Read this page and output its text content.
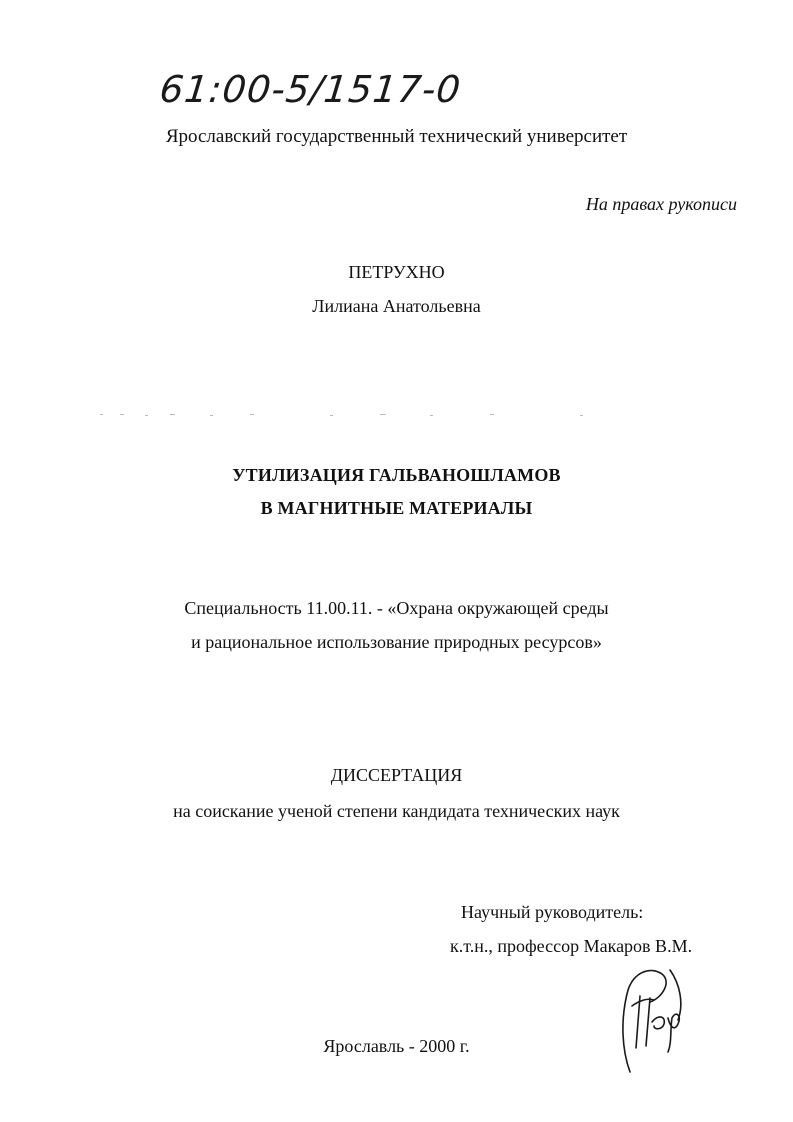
61:00-5/1517-0
Ярославский государственный технический университет
На правах рукописи
ПЕТРУХНО
Лилиана Анатольевна
УТИЛИЗАЦИЯ ГАЛЬВАНОШЛАМОВ
В МАГНИТНЫЕ МАТЕРИАЛЫ
Специальность 11.00.11. - «Охрана окружающей среды
и рациональное использование природных ресурсов»
ДИССЕРТАЦИЯ
на соискание ученой степени кандидата технических наук
Научный руководитель:
к.т.н., профессор Макаров В.М.
Ярославль - 2000 г.
